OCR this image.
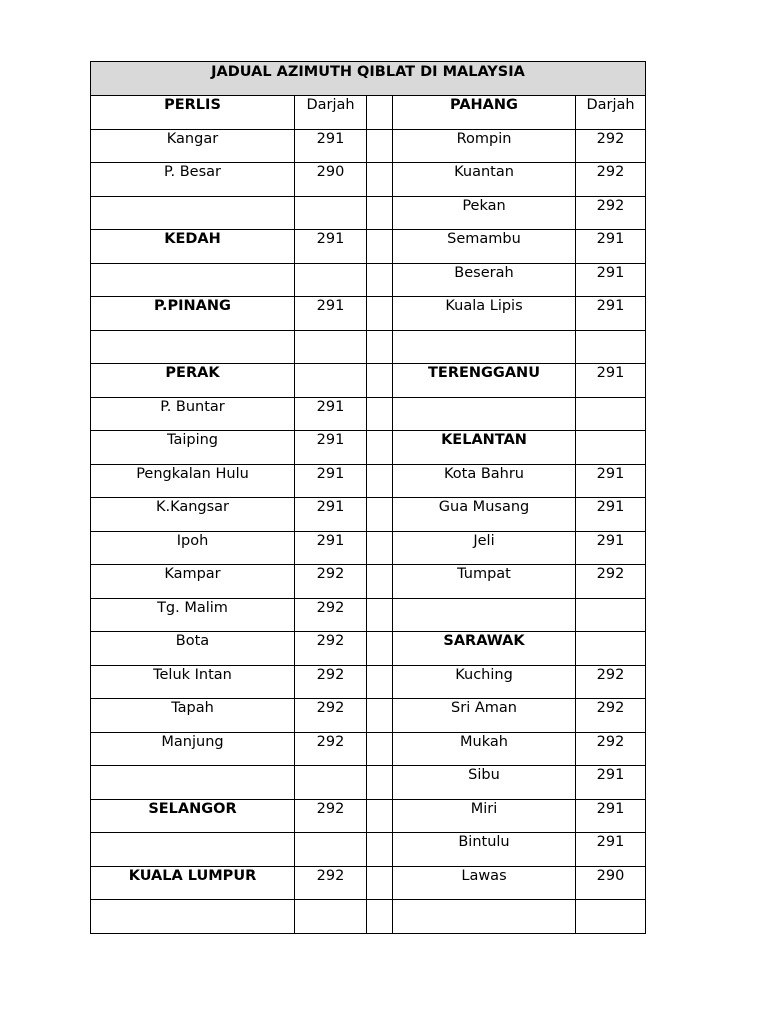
JADUAL AZIMUTH QIBLAT DI MALAYSIA				
PERLIS	Darjah		PAHANG	Darjah
Kangar	291		Rompin	292
P. Besar	290		Kuantan	292
			Pekan	292
KEDAH	291		Semambu	291
			Beserah	291
P.PINANG	291		Kuala Lipis	291

PERAK			TERENGGANU	291
P. Buntar	291			
Taiping	291		KELANTAN	
Pengkalan Hulu	291		Kota Bahru	291
K.Kangsar	291		Gua Musang	291
Ipoh	291		Jeli	291
Kampar	292		Tumpat	292
Tg. Malim	292			
Bota	292		SARAWAK	
Teluk Intan	292		Kuching	292
Tapah	292		Sri Aman	292
Manjung	292		Mukah	292
			Sibu	291
SELANGOR	292		Miri	291
			Bintulu	291
KUALA LUMPUR	292		Lawas	290
